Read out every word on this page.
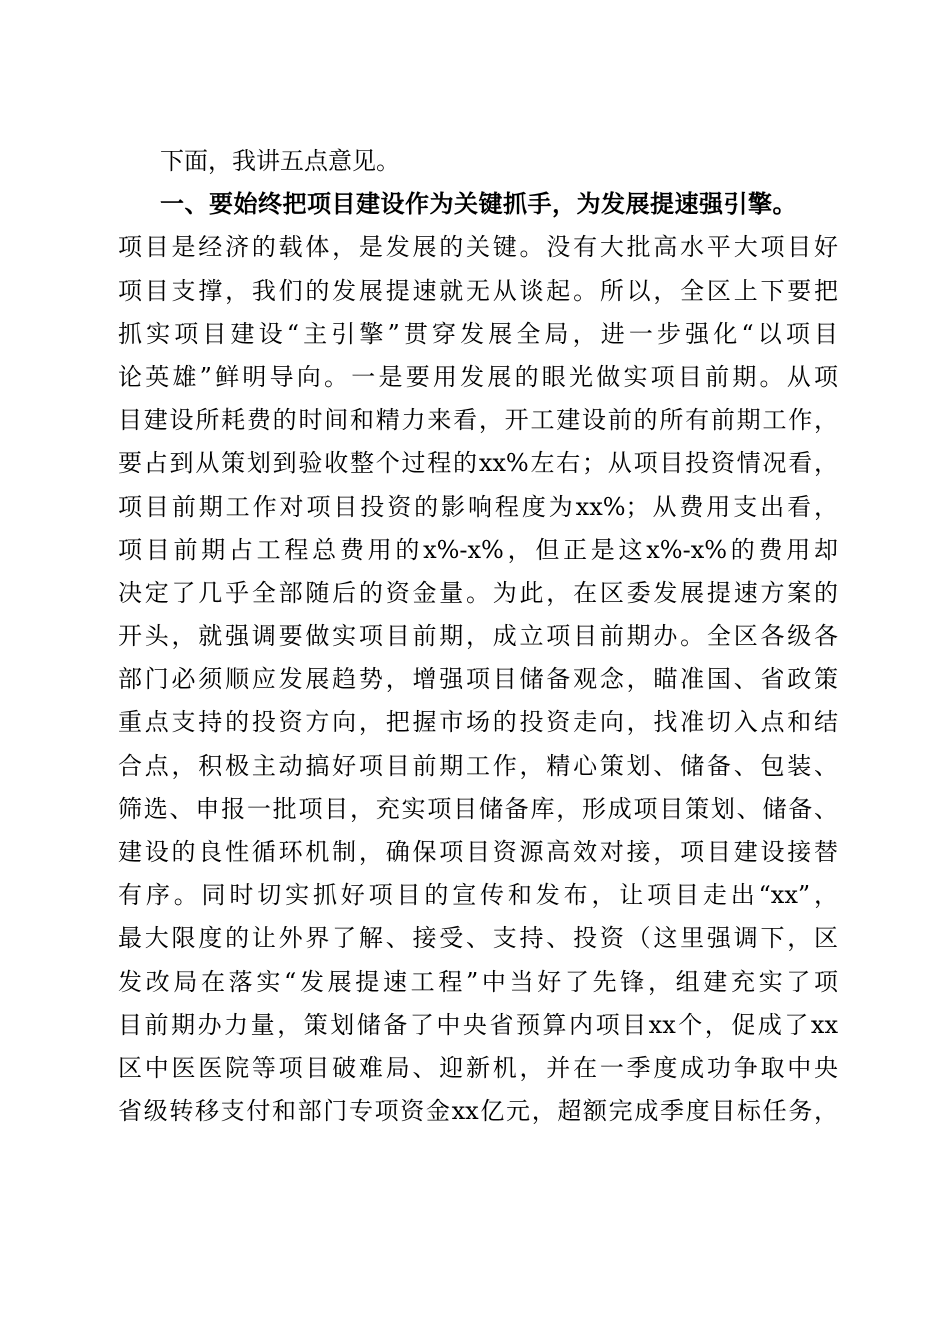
下面，我讲五点意见。
一、要始终把项目建设作为关键抓手，为发展提速强引擎。
项目是经济的载体，是发展的关键。没有大批高水平大项目好
项目支撑，我们的发展提速就无从谈起。所以，全区上下要把
抓实项目建设“主引擎”贯穿发展全局，进一步强化“以项目
论英雄”鲜明导向。一是要用发展的眼光做实项目前期。从项
目建设所耗费的时间和精力来看，开工建设前的所有前期工作，
要占到从策划到验收整个过程的xx%左右；从项目投资情况看，
项目前期工作对项目投资的影响程度为xx%；从费用支出看，
项目前期占工程总费用的x%-x%，但正是这x%-x%的费用却
决定了几乎全部随后的资金量。为此，在区委发展提速方案的
开头，就强调要做实项目前期，成立项目前期办。全区各级各
部门必须顺应发展趋势，增强项目储备观念，瞄准国、省政策
重点支持的投资方向，把握市场的投资走向，找准切入点和结
合点，积极主动搞好项目前期工作，精心策划、储备、包装、
筛选、申报一批项目，充实项目储备库，形成项目策划、储备、
建设的良性循环机制，确保项目资源高效对接，项目建设接替
有序。同时切实抓好项目的宣传和发布，让项目走出“xx”，
最大限度的让外界了解、接受、支持、投资（这里强调下，区
发改局在落实“发展提速工程”中当好了先锋，组建充实了项
目前期办力量，策划储备了中央省预算内项目xx个，促成了xx
区中医医院等项目破难局、迎新机，并在一季度成功争取中央
省级转移支付和部门专项资金xx亿元，超额完成季度目标任务，
